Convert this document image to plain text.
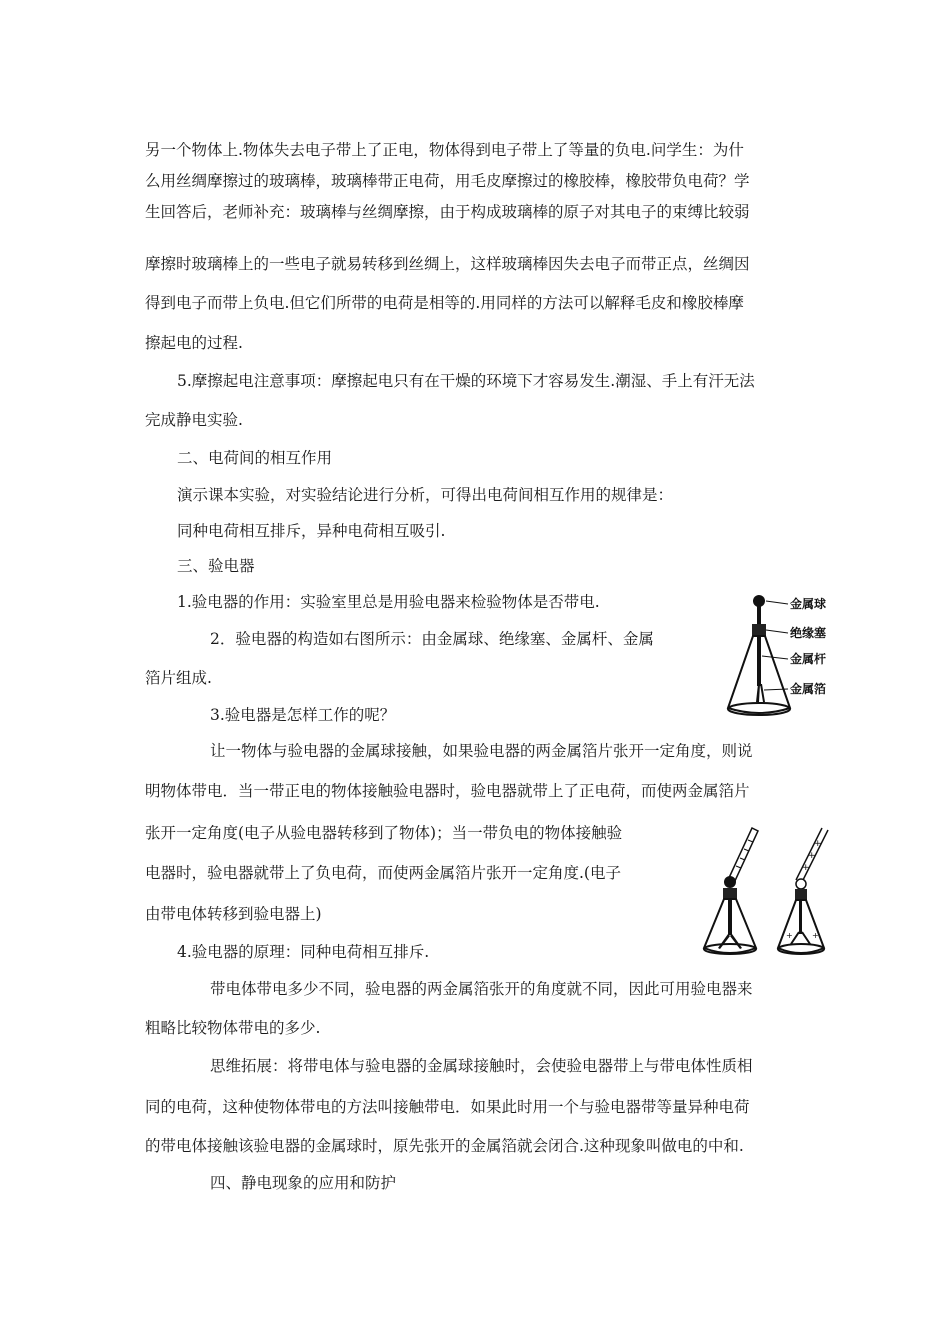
另一个物体上.物体失去电子带上了正电，物体得到电子带上了等量的负电.问学生：为什
么用丝绸摩擦过的玻璃棒，玻璃棒带正电荷，用毛皮摩擦过的橡胶棒，橡胶带负电荷？学
生回答后，老师补充：玻璃棒与丝绸摩擦，由于构成玻璃棒的原子对其电子的束缚比较弱
摩擦时玻璃棒上的一些电子就易转移到丝绸上，这样玻璃棒因失去电子而带正点，丝绸因
得到电子而带上负电.但它们所带的电荷是相等的.用同样的方法可以解释毛皮和橡胶棒摩
擦起电的过程.
5.摩擦起电注意事项：摩擦起电只有在干燥的环境下才容易发生.潮湿、手上有汗无法
完成静电实验.
二、电荷间的相互作用
演示课本实验，对实验结论进行分析，可得出电荷间相互作用的规律是：
同种电荷相互排斥，异种电荷相互吸引.
三、验电器
1.验电器的作用：实验室里总是用验电器来检验物体是否带电.
2．验电器的构造如右图所示：由金属球、绝缘塞、金属杆、金属
箔片组成.
3.验电器是怎样工作的呢？
让一物体与验电器的金属球接触，如果验电器的两金属箔片张开一定角度，则说
明物体带电．当一带正电的物体接触验电器时，验电器就带上了正电荷，而使两金属箔片
张开一定角度(电子从验电器转移到了物体)；当一带负电的物体接触验
电器时，验电器就带上了负电荷，而使两金属箔片张开一定角度.(电子
由带电体转移到验电器上)
4.验电器的原理：同种电荷相互排斥.
带电体带电多少不同，验电器的两金属箔张开的角度就不同，因此可用验电器来
粗略比较物体带电的多少.
思维拓展：将带电体与验电器的金属球接触时，会使验电器带上与带电体性质相
同的电荷，这种使物体带电的方法叫接触带电．如果此时用一个与验电器带等量异种电荷
的带电体接触该验电器的金属球时，原先张开的金属箔就会闭合.这种现象叫做电的中和.
四、静电现象的应用和防护
金属球
绝缘塞
金属杆
金属箔
+
+
+
+ +
